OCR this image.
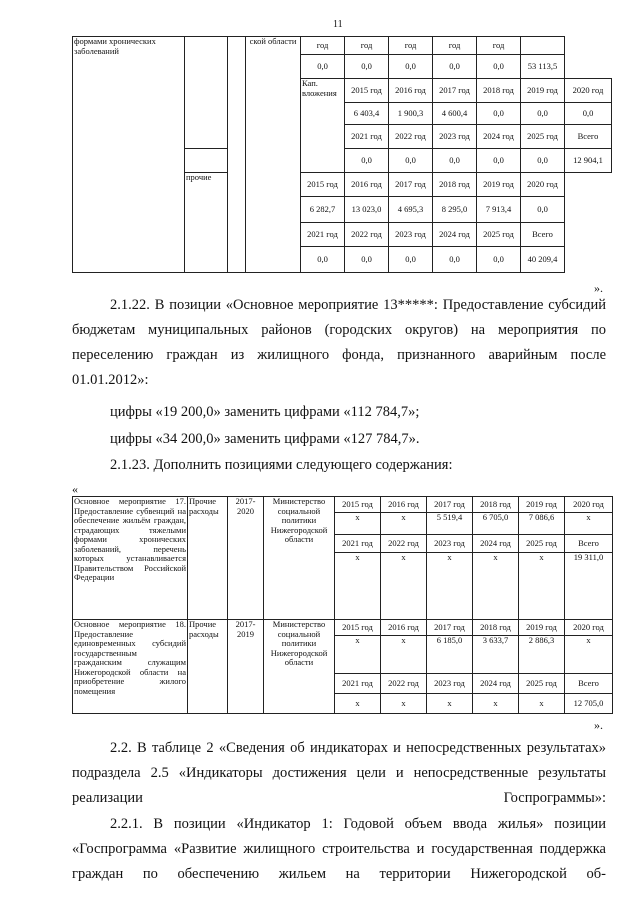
11
формами хронических заболеваний			ской области	год	год	год	год	год		
				0,0	0,0	0,0	0,0	0,0	53 113,5	
				Кап. вложения	2015 год	2016 год	2017 год	2018 год	2019 год	2020 год
					6 403,4	1 900,3	4 600,4	0,0	0,0	0,0
					2021 год	2022 год	2023 год	2024 год	2025 год	Всего
					0,0	0,0	0,0	0,0	0,0	12 904,1
	прочие			2015 год	2016 год	2017 год	2018 год	2019 год	2020 год	
				6 282,7	13 023,0	4 695,3	8 295,0	7 913,4	0,0	
				2021 год	2022 год	2023 год	2024 год	2025 год	Всего	
				0,0	0,0	0,0	0,0	0,0	40 209,4	
».
2.1.22. В позиции «Основное мероприятие 13*****: Предоставление субсидий бюджетам муниципальных районов (городских округов) на мероприятия по переселению граждан из жилищного фонда, признанного аварийным после 01.01.2012»:
цифры «19 200,0» заменить цифрами «112 784,7»;
цифры «34 200,0» заменить цифрами «127 784,7».
2.1.23. Дополнить позициями следующего содержания:
«
Основное мероприятие 17. Предоставление субвенций на обеспечение жильём граждан, страдающих тяжелыми формами хронических заболеваний, перечень которых устанавливается Правительством Российской Федерации	Прочие расходы	2017-2020	Министерство социальной политики Нижегородской области	2015 год	2016 год	2017 год	2018 год	2019 год	2020 год
				х	х	5 519,4	6 705,0	7 086,6	х
				2021 год	2022 год	2023 год	2024 год	2025 год	Всего
				х	х	х	х	х	19 311,0
Основное мероприятие 18. Предоставление единовременных субсидий государственным гражданским служащим Нижегородской области на приобретение жилого помещения	Прочие расходы	2017-2019	Министерство социальной политики Нижегородской области	2015 год	2016 год	2017 год	2018 год	2019 год	2020 год
				х	х	6 185,0	3 633,7	2 886,3	х
				2021 год	2022 год	2023 год	2024 год	2025 год	Всего
				х	х	х	х	х	12 705,0
».
2.2. В таблице 2 «Сведения об индикаторах и непосредственных результатах» подраздела 2.5 «Индикаторы достижения цели и непосредственные результаты реализации Госпрограммы»:
2.2.1. В позиции «Индикатор 1: Годовой объем ввода жилья» позиции «Госпрограмма «Развитие жилищного строительства и государственная поддержка граждан по обеспечению жильем на территории Нижегородской об-
